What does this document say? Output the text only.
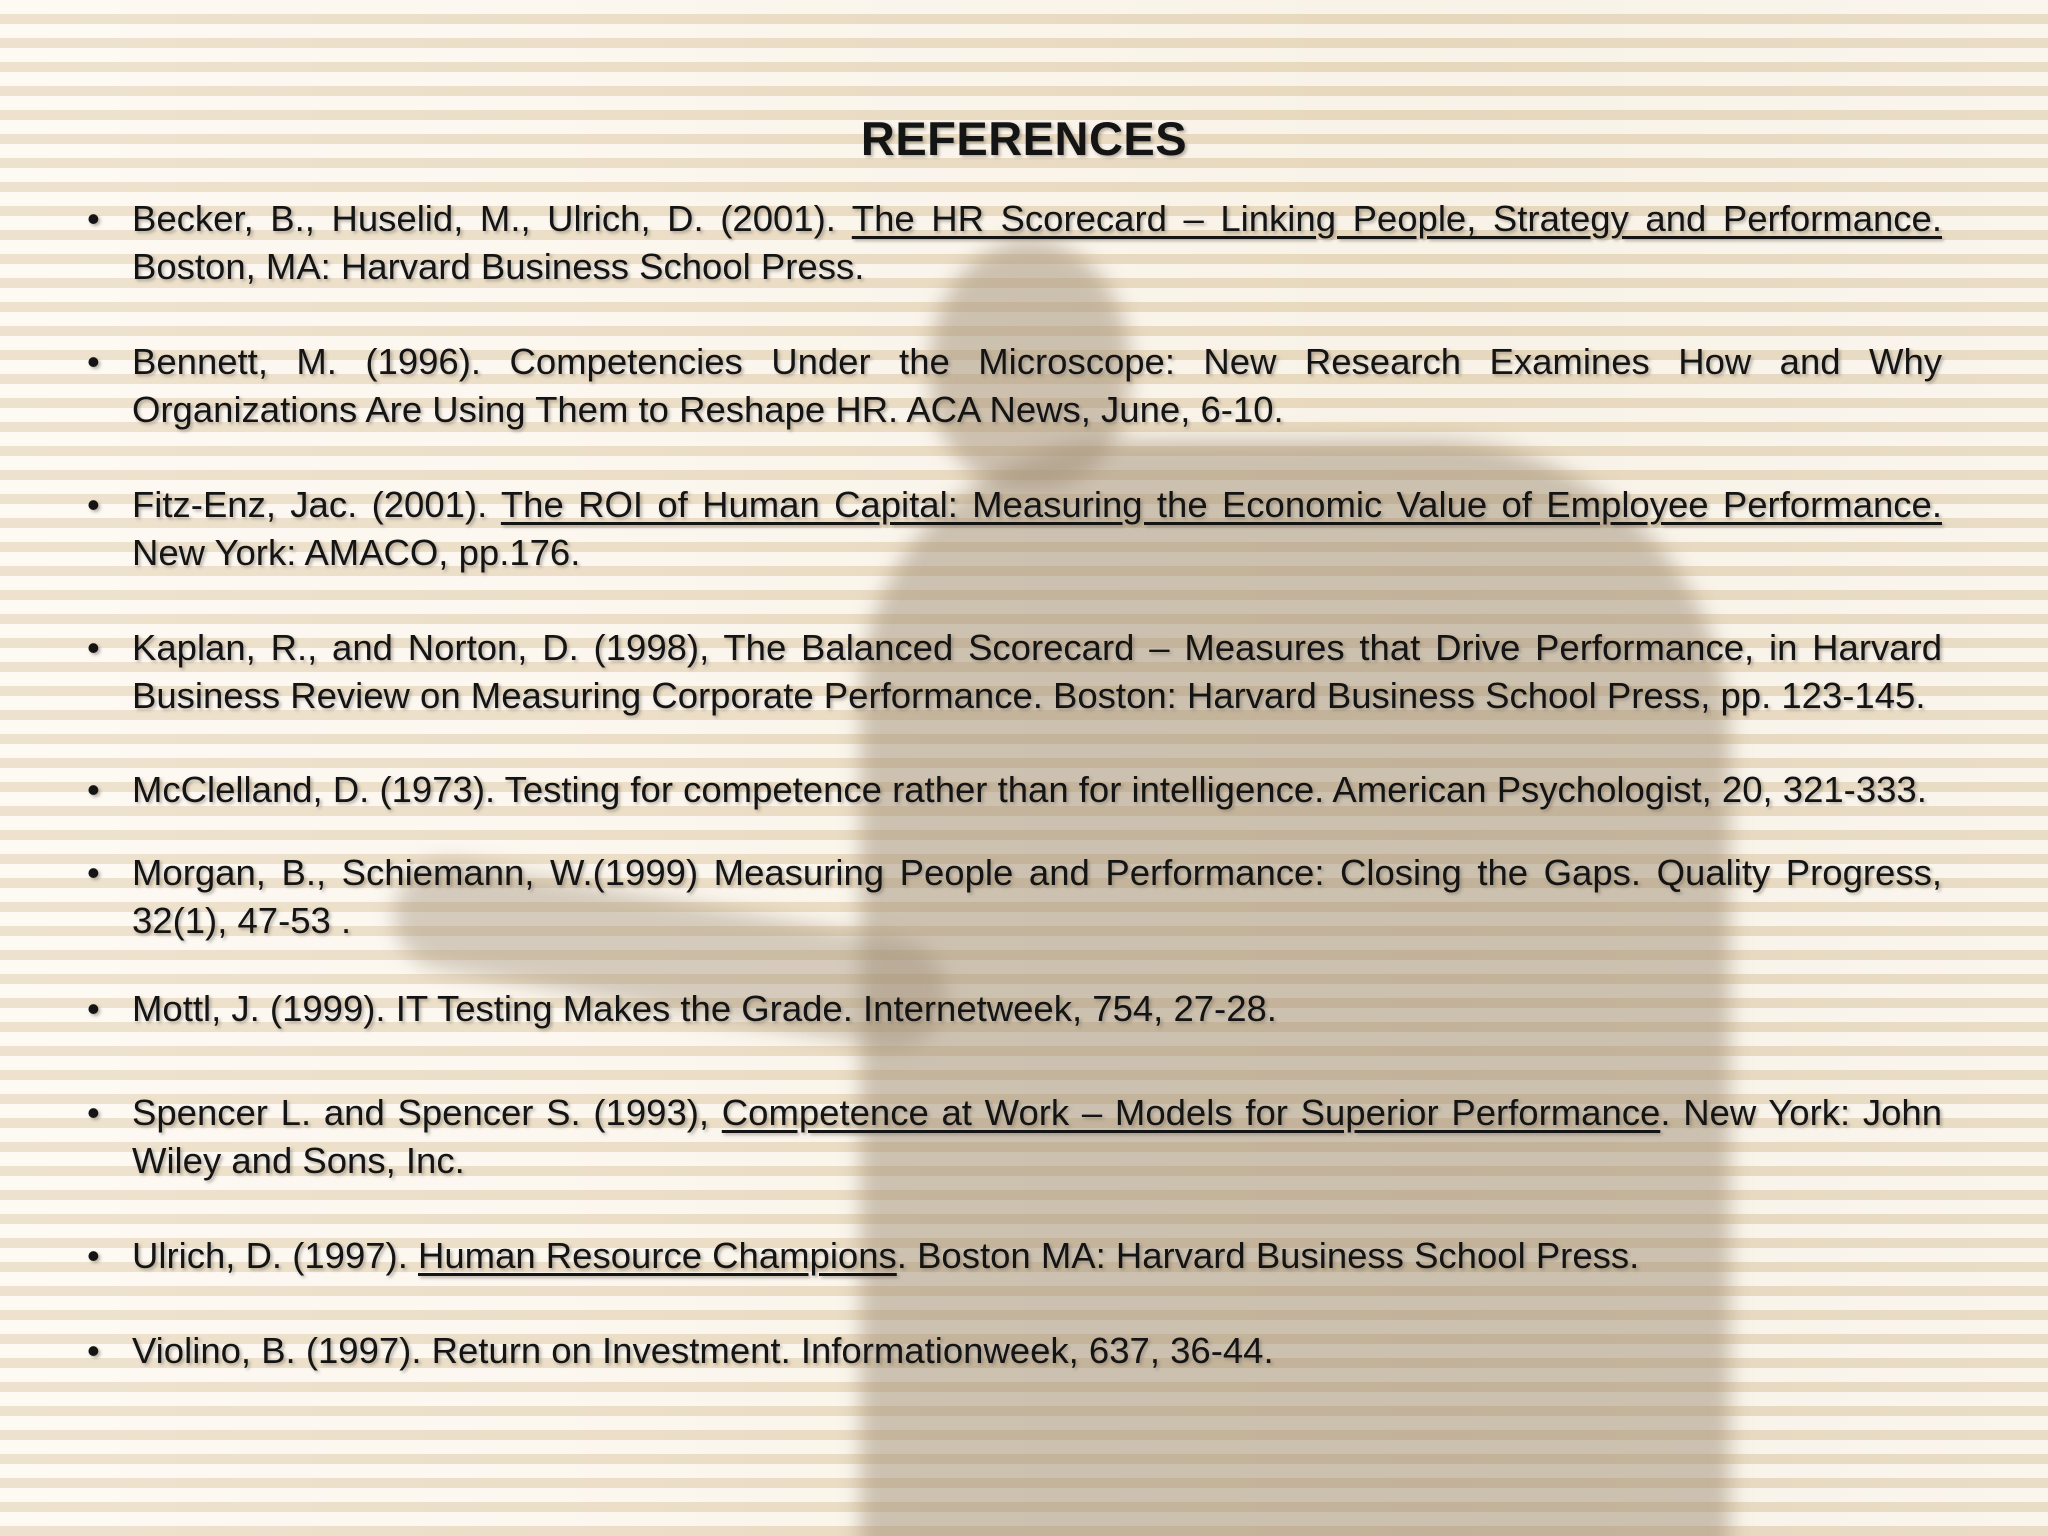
REFERENCES
• Becker, B., Huselid, M., Ulrich, D. (2001). The HR Scorecard – Linking People, Strategy and Performance. Boston, MA: Harvard Business School Press.
• Bennett, M. (1996). Competencies Under the Microscope: New Research Examines How and Why Organizations Are Using Them to Reshape HR. ACA News, June, 6-10.
• Fitz-Enz, Jac. (2001). The ROI of Human Capital: Measuring the Economic Value of Employee Performance. New York: AMACO, pp.176.
• Kaplan, R., and Norton, D. (1998), The Balanced Scorecard – Measures that Drive Performance, in Harvard Business Review on Measuring Corporate Performance. Boston: Harvard Business School Press, pp. 123-145.
• McClelland, D. (1973). Testing for competence rather than for intelligence. American Psychologist, 20, 321-333.
• Morgan, B., Schiemann, W.(1999) Measuring People and Performance: Closing the Gaps. Quality Progress, 32(1), 47-53 .
• Mottl, J. (1999). IT Testing Makes the Grade. Internetweek, 754, 27-28.
• Spencer L. and Spencer S. (1993), Competence at Work – Models for Superior Performance. New York: John Wiley and Sons, Inc.
• Ulrich, D. (1997). Human Resource Champions. Boston MA: Harvard Business School Press.
• Violino, B. (1997). Return on Investment. Informationweek, 637, 36-44.
